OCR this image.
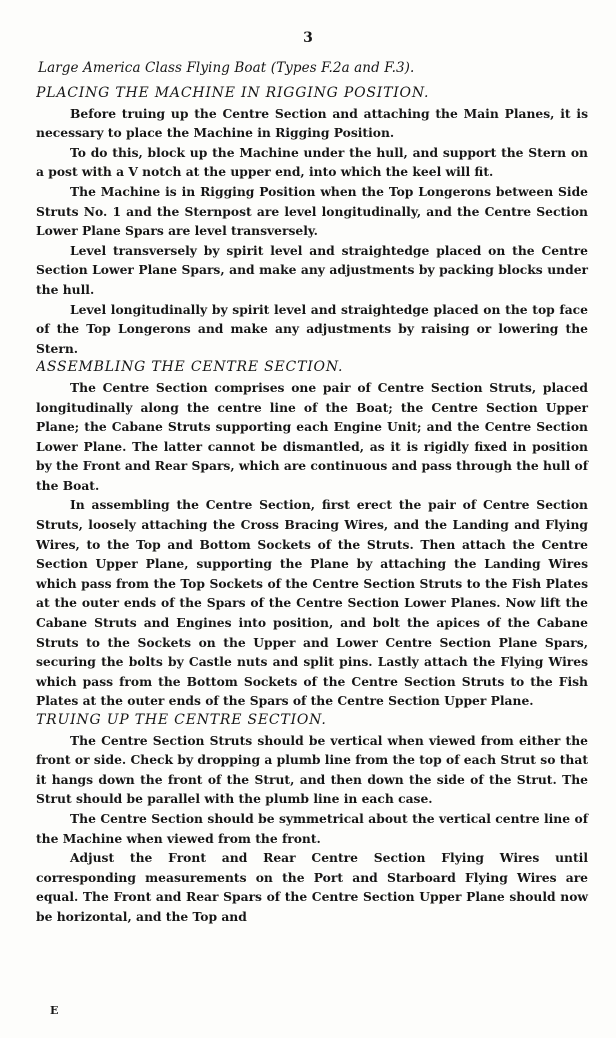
3
Large America Class Flying Boat (Types F.2a and F.3).
PLACING THE MACHINE IN RIGGING POSITION.

Before truing up the Centre Section and attaching the Main Planes, it is necessary to place the Machine in Rigging Position.

To do this, block up the Machine under the hull, and support the Stern on a post with a V notch at the upper end, into which the keel will fit.

The Machine is in Rigging Position when the Top Longerons between Side Struts No. 1 and the Sternpost are level longitudinally, and the Centre Section Lower Plane Spars are level transversely.

Level transversely by spirit level and straightedge placed on the Centre Section Lower Plane Spars, and make any adjustments by packing blocks under the hull.

Level longitudinally by spirit level and straightedge placed on the top face of the Top Longerons and make any adjustments by raising or lowering the Stern.

ASSEMBLING THE CENTRE SECTION.

The Centre Section comprises one pair of Centre Section Struts, placed longitudinally along the centre line of the Boat; the Centre Section Upper Plane; the Cabane Struts supporting each Engine Unit; and the Centre Section Lower Plane. The latter cannot be dismantled, as it is rigidly fixed in position by the Front and Rear Spars, which are continuous and pass through the hull of the Boat.

In assembling the Centre Section, first erect the pair of Centre Section Struts, loosely attaching the Cross Bracing Wires, and the Landing and Flying Wires, to the Top and Bottom Sockets of the Struts. Then attach the Centre Section Upper Plane, supporting the Plane by attaching the Landing Wires which pass from the Top Sockets of the Centre Section Struts to the Fish Plates at the outer ends of the Spars of the Centre Section Lower Planes. Now lift the Cabane Struts and Engines into position, and bolt the apices of the Cabane Struts to the Sockets on the Upper and Lower Centre Section Plane Spars, securing the bolts by Castle nuts and split pins. Lastly attach the Flying Wires which pass from the Bottom Sockets of the Centre Section Struts to the Fish Plates at the outer ends of the Spars of the Centre Section Upper Plane.

TRUING UP THE CENTRE SECTION.

The Centre Section Struts should be vertical when viewed from either the front or side. Check by dropping a plumb line from the top of each Strut so that it hangs down the front of the Strut, and then down the side of the Strut. The Strut should be parallel with the plumb line in each case.

The Centre Section should be symmetrical about the vertical centre line of the Machine when viewed from the front.

Adjust the Front and Rear Centre Section Flying Wires until corresponding measurements on the Port and Starboard Flying Wires are equal. The Front and Rear Spars of the Centre Section Upper Plane should now be horizontal, and the Top and

E
